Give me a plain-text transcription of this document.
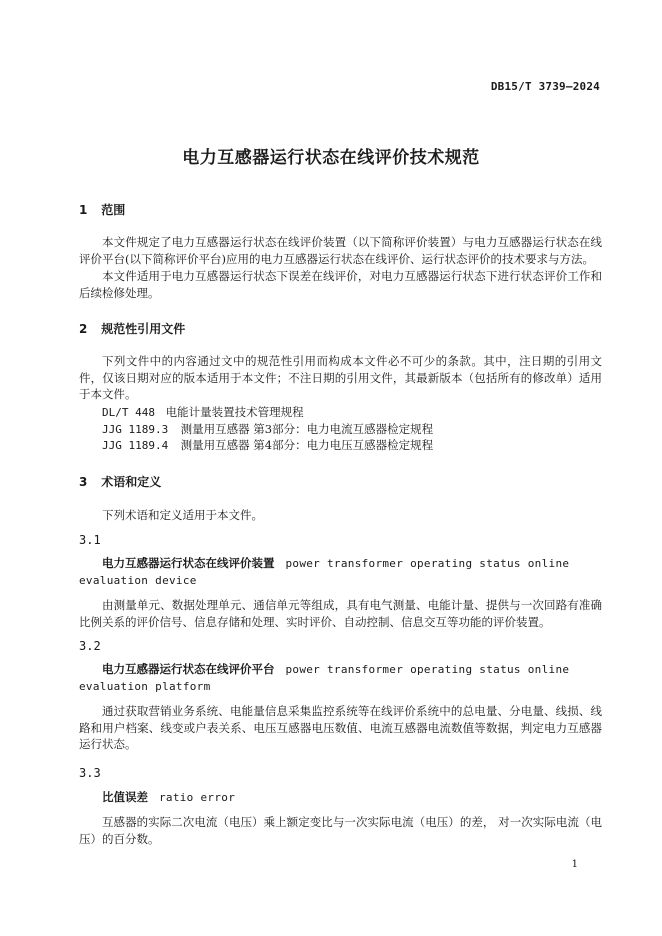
DB15/T 3739—2024
电力互感器运行状态在线评价技术规范
1 范围
本文件规定了电力互感器运行状态在线评价装置（以下简称评价装置）与电力互感器运行状态在线评价平台(以下简称评价平台)应用的电力互感器运行状态在线评价、运行状态评价的技术要求与方法。
本文件适用于电力互感器运行状态下误差在线评价，对电力互感器运行状态下进行状态评价工作和后续检修处理。
2 规范性引用文件
下列文件中的内容通过文中的规范性引用而构成本文件必不可少的条款。其中，注日期的引用文件，仅该日期对应的版本适用于本文件；不注日期的引用文件，其最新版本（包括所有的修改单）适用于本文件。
DL/T 448 电能计量装置技术管理规程
JJG 1189.3 测量用互感器 第3部分：电力电流互感器检定规程
JJG 1189.4 测量用互感器 第4部分：电力电压互感器检定规程
3 术语和定义
下列术语和定义适用于本文件。
3.1
电力互感器运行状态在线评价装置 power transformer operating status online evaluation device
由测量单元、数据处理单元、通信单元等组成，具有电气测量、电能计量、提供与一次回路有准确比例关系的评价信号、信息存储和处理、实时评价、自动控制、信息交互等功能的评价装置。
3.2
电力互感器运行状态在线评价平台 power transformer operating status online evaluation platform
通过获取营销业务系统、电能量信息采集监控系统等在线评价系统中的总电量、分电量、线损、线路和用户档案、线变或户表关系、电压互感器电压数值、电流互感器电流数值等数据，判定电力互感器运行状态。
3.3
比值误差 ratio error
互感器的实际二次电流（电压）乘上额定变比与一次实际电流（电压）的差， 对一次实际电流（电压）的百分数。
1
